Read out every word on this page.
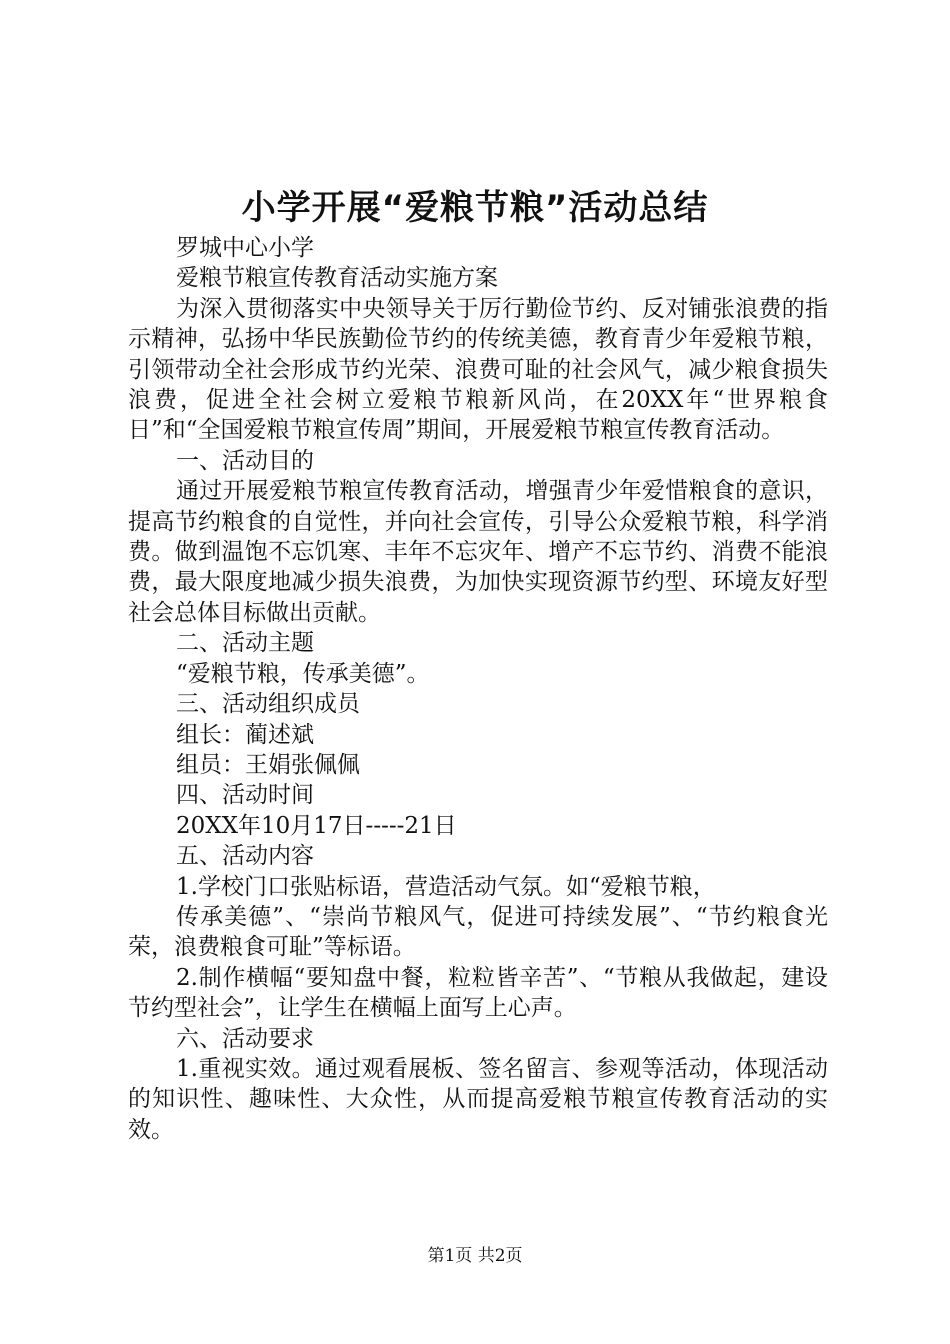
小学开展“爱粮节粮”活动总结

罗城中心小学

爱粮节粮宣传教育活动实施方案

为深入贯彻落实中央领导关于厉行勤俭节约、反对铺张浪费的指示精神，弘扬中华民族勤俭节约的传统美德，教育青少年爱粮节粮，引领带动全社会形成节约光荣、浪费可耻的社会风气，减少粮食损失浪费，促进全社会树立爱粮节粮新风尚，在20XX年“世界粮食日”和“全国爱粮节粮宣传周”期间，开展爱粮节粮宣传教育活动。

一、活动目的

通过开展爱粮节粮宣传教育活动，增强青少年爱惜粮食的意识，提高节约粮食的自觉性，并向社会宣传，引导公众爱粮节粮，科学消费。做到温饱不忘饥寒、丰年不忘灾年、增产不忘节约、消费不能浪费，最大限度地减少损失浪费，为加快实现资源节约型、环境友好型社会总体目标做出贡献。

二、活动主题

“爱粮节粮，传承美德”。

三、活动组织成员

组长：蔺述斌

组员：王娟张佩佩

四、活动时间

20XX年10月17日-----21日

五、活动内容

1.学校门口张贴标语，营造活动气氛。如“爱粮节粮，

传承美德”、“崇尚节粮风气，促进可持续发展”、“节约粮食光荣，浪费粮食可耻”等标语。

2.制作横幅“要知盘中餐，粒粒皆辛苦”、“节粮从我做起，建设节约型社会”，让学生在横幅上面写上心声。

六、活动要求

1.重视实效。通过观看展板、签名留言、参观等活动，体现活动的知识性、趣味性、大众性，从而提高爱粮节粮宣传教育活动的实效。

第1页 共2页
